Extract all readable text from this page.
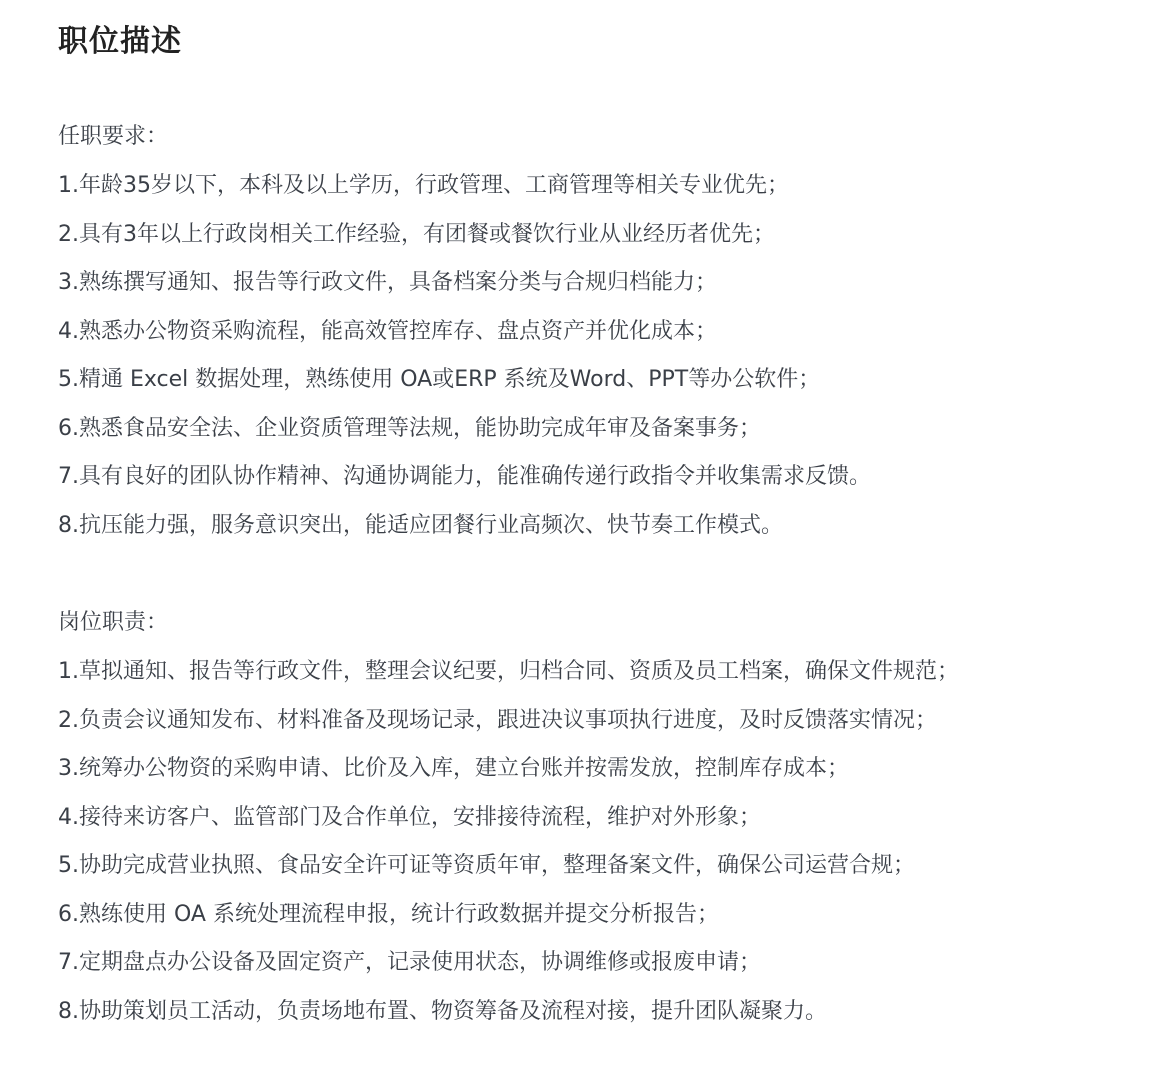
职位描述
任职要求：
1.年龄35岁以下，本科及以上学历，行政管理、工商管理等相关专业优先；
2.具有3年以上行政岗相关工作经验，有团餐或餐饮行业从业经历者优先；
3.熟练撰写通知、报告等行政文件，具备档案分类与合规归档能力；
4.熟悉办公物资采购流程，能高效管控库存、盘点资产并优化成本；
5.精通 Excel 数据处理，熟练使用 OA或ERP 系统及Word、PPT等办公软件；
6.熟悉食品安全法、企业资质管理等法规，能协助完成年审及备案事务；
7.具有良好的团队协作精神、沟通协调能力，能准确传递行政指令并收集需求反馈。
8.抗压能力强，服务意识突出，能适应团餐行业高频次、快节奏工作模式。
岗位职责：
1.草拟通知、报告等行政文件，整理会议纪要，归档合同、资质及员工档案，确保文件规范；
2.负责会议通知发布、材料准备及现场记录，跟进决议事项执行进度，及时反馈落实情况；
3.统筹办公物资的采购申请、比价及入库，建立台账并按需发放，控制库存成本；
4.接待来访客户、监管部门及合作单位，安排接待流程，维护对外形象；
5.协助完成营业执照、食品安全许可证等资质年审，整理备案文件，确保公司运营合规；
6.熟练使用 OA 系统处理流程申报，统计行政数据并提交分析报告；
7.定期盘点办公设备及固定资产，记录使用状态，协调维修或报废申请；
8.协助策划员工活动，负责场地布置、物资筹备及流程对接，提升团队凝聚力。
